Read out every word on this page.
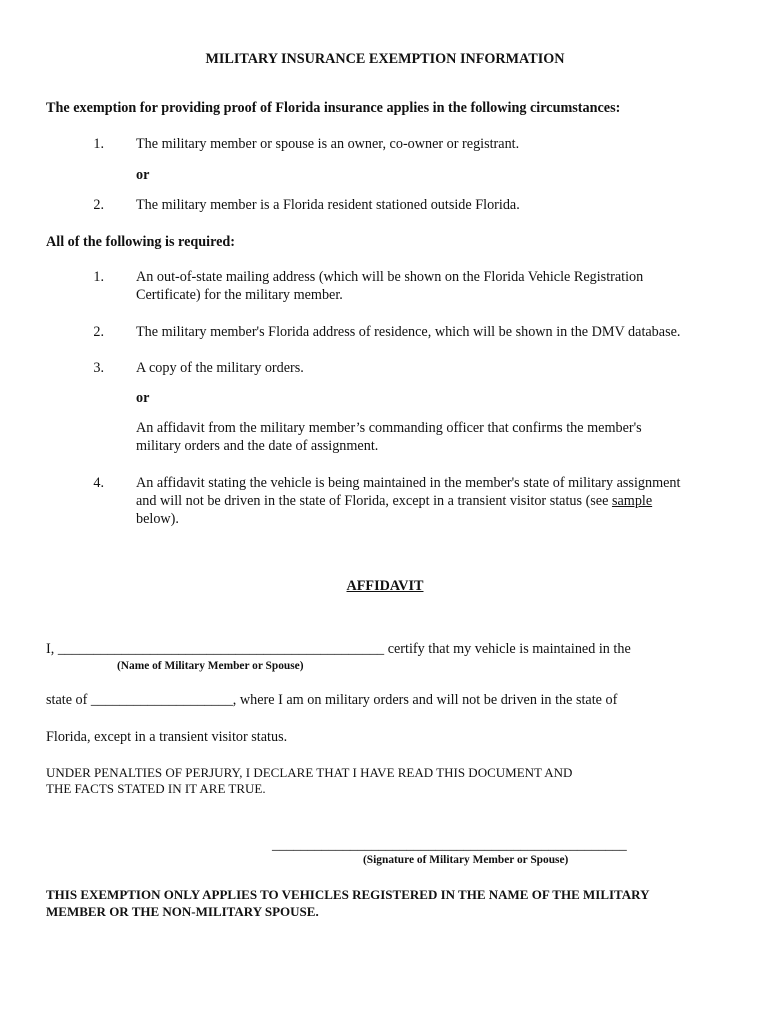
MILITARY INSURANCE EXEMPTION INFORMATION
The exemption for providing proof of Florida insurance applies in the following circumstances:
1. The military member or spouse is an owner, co-owner or registrant.
or
2. The military member is a Florida resident stationed outside Florida.
All of the following is required:
1. An out-of-state mailing address (which will be shown on the Florida Vehicle Registration
Certificate) for the military member.
2. The military member's Florida address of residence, which will be shown in the DMV database.
3. A copy of the military orders.
or
An affidavit from the military member’s commanding officer that confirms the member's
military orders and the date of assignment.
4. An affidavit stating the vehicle is being maintained in the member's state of military assignment
and will not be driven in the state of Florida, except in a transient visitor status (see sample
below).
AFFIDAVIT
I, ______________________________________________ certify that my vehicle is maintained in the
(Name of Military Member or Spouse)
state of ____________________, where I am on military orders and will not be driven in the state of
Florida, except in a transient visitor status.
UNDER PENALTIES OF PERJURY, I DECLARE THAT I HAVE READ THIS DOCUMENT AND
THE FACTS STATED IN IT ARE TRUE.
__________________________________________________
(Signature of Military Member or Spouse)
THIS EXEMPTION ONLY APPLIES TO VEHICLES REGISTERED IN THE NAME OF THE MILITARY
MEMBER OR THE NON-MILITARY SPOUSE.
